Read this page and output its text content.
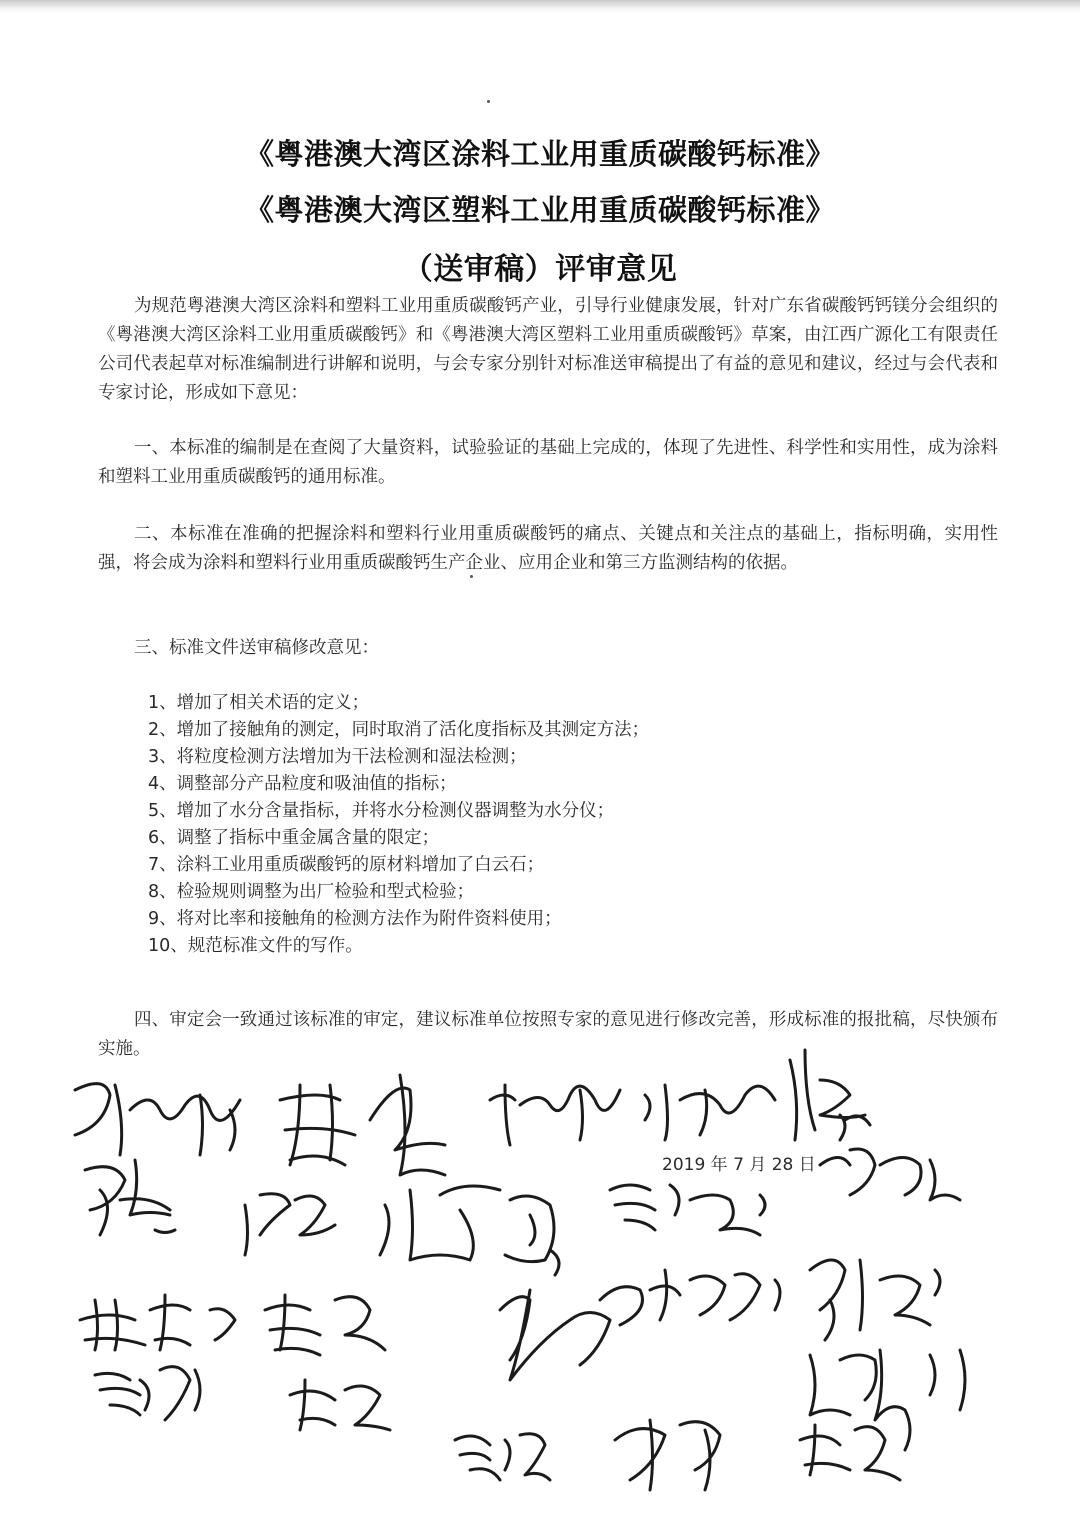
《粤港澳大湾区涂料工业用重质碳酸钙标准》
《粤港澳大湾区塑料工业用重质碳酸钙标准》
（送审稿）评审意见
为规范粤港澳大湾区涂料和塑料工业用重质碳酸钙产业，引导行业健康发展，针对广东省碳酸钙钙镁分会组织的《粤港澳大湾区涂料工业用重质碳酸钙》和《粤港澳大湾区塑料工业用重质碳酸钙》草案，由江西广源化工有限责任公司代表起草对标准编制进行讲解和说明，与会专家分别针对标准送审稿提出了有益的意见和建议，经过与会代表和专家讨论，形成如下意见：
一、本标准的编制是在查阅了大量资料，试验验证的基础上完成的，体现了先进性、科学性和实用性，成为涂料和塑料工业用重质碳酸钙的通用标准。
二、本标准在准确的把握涂料和塑料行业用重质碳酸钙的痛点、关键点和关注点的基础上，指标明确，实用性强，将会成为涂料和塑料行业用重质碳酸钙生产企业、应用企业和第三方监测结构的依据。
三、标准文件送审稿修改意见：
1、增加了相关术语的定义；
2、增加了接触角的测定，同时取消了活化度指标及其测定方法；
3、将粒度检测方法增加为干法检测和湿法检测；
4、调整部分产品粒度和吸油值的指标；
5、增加了水分含量指标，并将水分检测仪器调整为水分仪；
6、调整了指标中重金属含量的限定；
7、涂料工业用重质碳酸钙的原材料增加了白云石；
8、检验规则调整为出厂检验和型式检验；
9、将对比率和接触角的检测方法作为附件资料使用；
10、规范标准文件的写作。
四、审定会一致通过该标准的审定，建议标准单位按照专家的意见进行修改完善，形成标准的报批稿，尽快颁布实施。
2019 年 7 月 28 日
